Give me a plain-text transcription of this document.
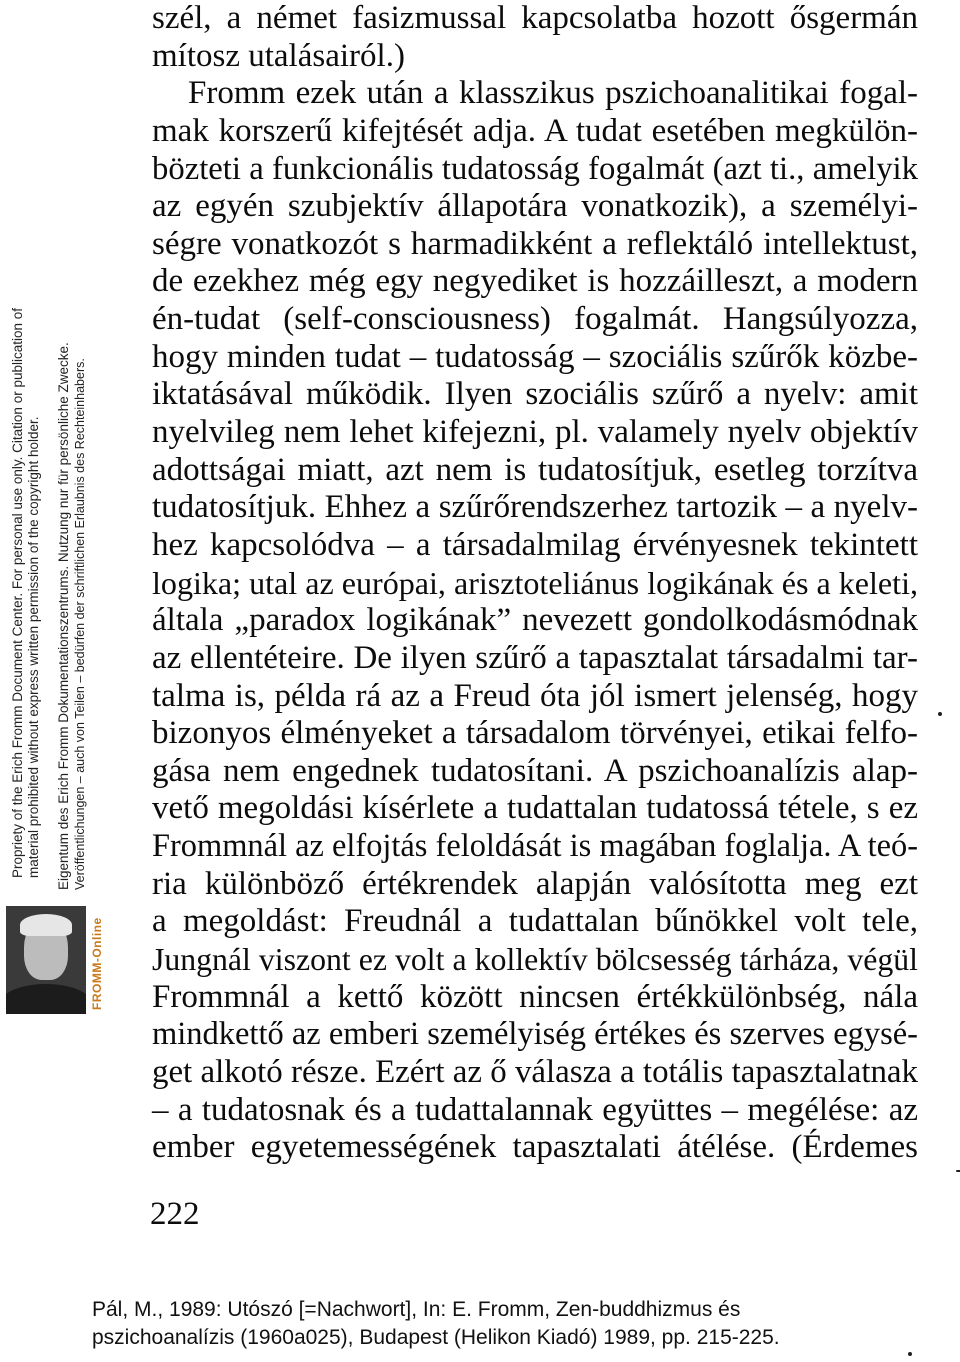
Propriety of the Erich Fromm Document Center. For personal use only. Citation or publication of material prohibited without express written permission of the copyright holder. Eigentum des Erich Fromm Dokumentationszentrums. Nutzung nur für persönliche Zwecke. Veröffentlichungen – auch von Teilen – bedürfen der schriftlichen Erlaubnis des Rechteinhabers.
FROMM-Online
szél, a német fasizmussal kapcsolatba hozott ősgermán
mítosz utalásairól.)
Fromm ezek után a klasszikus pszichoanalitikai fogal-
mak korszerű kifejtését adja. A tudat esetében megkülön-
bözteti a funkcionális tudatosság fogalmát (azt ti., amelyik
az egyén szubjektív állapotára vonatkozik), a személyi-
ségre vonatkozót s harmadikként a reflektáló intellektust,
de ezekhez még egy negyediket is hozzáilleszt, a modern
én-tudat (self-consciousness) fogalmát. Hangsúlyozza,
hogy minden tudat – tudatosság – szociális szűrők közbe-
iktatásával működik. Ilyen szociális szűrő a nyelv: amit
nyelvileg nem lehet kifejezni, pl. valamely nyelv objektív
adottságai miatt, azt nem is tudatosítjuk, esetleg torzítva
tudatosítjuk. Ehhez a szűrőrendszerhez tartozik – a nyelv-
hez kapcsolódva – a társadalmilag érvényesnek tekintett
logika; utal az európai, arisztoteliánus logikának és a keleti,
általa „paradox logikának” nevezett gondolkodásmódnak
az ellentéteire. De ilyen szűrő a tapasztalat társadalmi tar-
talma is, példa rá az a Freud óta jól ismert jelenség, hogy
bizonyos élményeket a társadalom törvényei, etikai felfo-
gása nem engednek tudatosítani. A pszichoanalízis alap-
vető megoldási kísérlete a tudattalan tudatossá tétele, s ez
Frommnál az elfojtás feloldását is magában foglalja. A teó-
ria különböző értékrendek alapján valósította meg ezt
a megoldást: Freudnál a tudattalan bűnökkel volt tele,
Jungnál viszont ez volt a kollektív bölcsesség tárháza, végül
Frommnál a kettő között nincsen értékkülönbség, nála
mindkettő az emberi személyiség értékes és szerves egysé-
get alkotó része. Ezért az ő válasza a totális tapasztalatnak
– a tudatosnak és a tudattalannak együttes – megélése: az
ember egyetemességének tapasztalati átélése. (Érdemes
222
Pál, M., 1989: Utószó [=Nachwort], In: E. Fromm, Zen-buddhizmus és
pszichoanalízis (1960a025), Budapest (Helikon Kiadó) 1989, pp. 215-225.
